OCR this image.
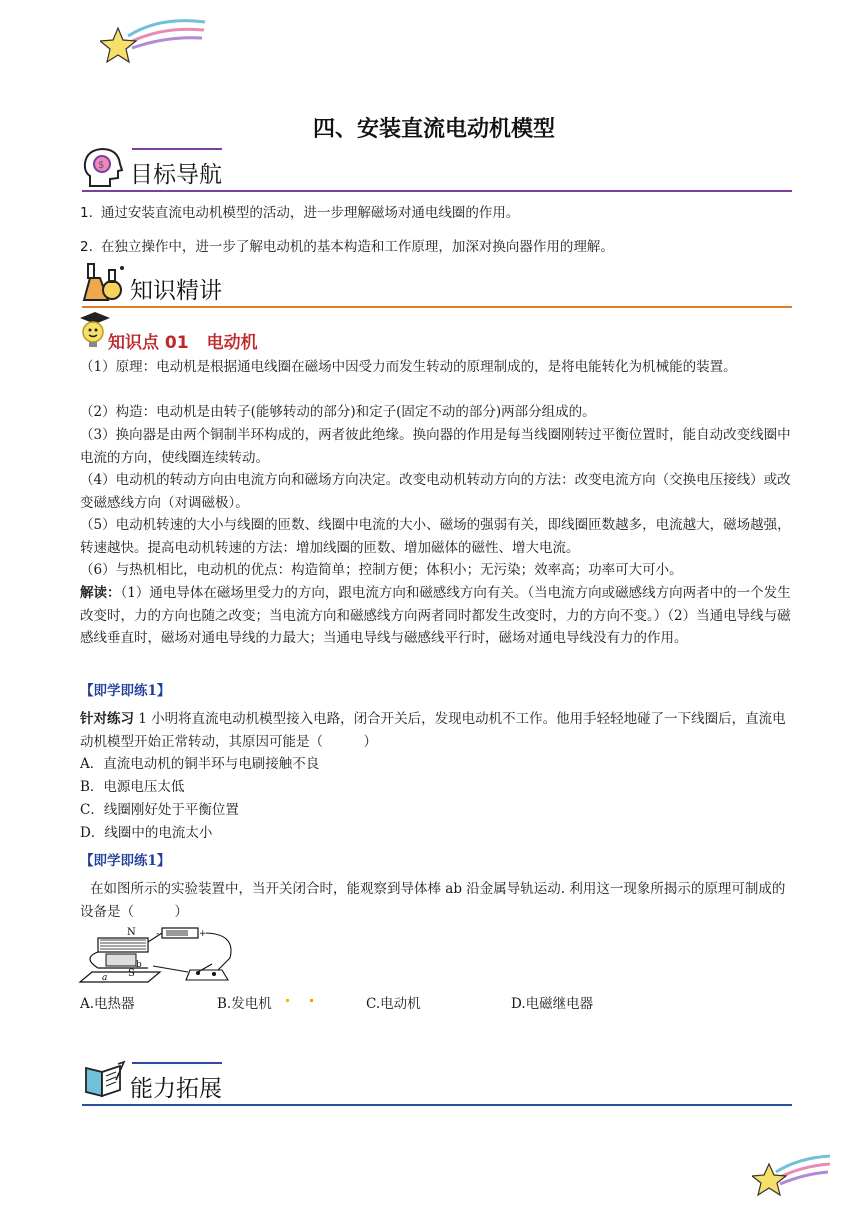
四、安装直流电动机模型
$ 目标导航
1. 通过安装直流电动机模型的活动，进一步理解磁场对通电线圈的作用。
2. 在独立操作中，进一步了解电动机的基本构造和工作原理，加深对换向器作用的理解。
知识精讲
知识点 01 电动机
（1）原理：电动机是根据通电线圈在磁场中因受力而发生转动的原理制成的，是将电能转化为机械能的装置。
（2）构造：电动机是由转子(能够转动的部分)和定子(固定不动的部分)两部分组成的。
（3）换向器是由两个铜制半环构成的，两者彼此绝缘。换向器的作用是每当线圈刚转过平衡位置时，能自动改变线圈中电流的方向，使线圈连续转动。
（4）电动机的转动方向由电流方向和磁场方向决定。改变电动机转动方向的方法：改变电流方向（交换电压接线）或改变磁感线方向（对调磁极）。
（5）电动机转速的大小与线圈的匝数、线圈中电流的大小、磁场的强弱有关，即线圈匝数越多，电流越大，磁场越强，转速越快。提高电动机转速的方法：增加线圈的匝数、增加磁体的磁性、增大电流。
（6）与热机相比，电动机的优点：构造简单；控制方便；体积小；无污染；效率高；功率可大可小。
解读：（1）通电导体在磁场里受力的方向，跟电流方向和磁感线方向有关。（当电流方向或磁感线方向两者中的一个发生改变时，力的方向也随之改变；当电流方向和磁感线方向两者同时都发生改变时，力的方向不变。）（2）当通电导线与磁感线垂直时，磁场对通电导线的力最大；当通电导线与磁感线平行时，磁场对通电导线没有力的作用。
【即学即练1】
针对练习 1 小明将直流电动机模型接入电路，闭合开关后，发现电动机不工作。他用手轻轻地碰了一下线圈后，直流电动机模型开始正常转动，其原因可能是（　　　）
A．直流电动机的铜半环与电刷接触不良
B．电源电压太低
C．线圈刚好处于平衡位置
D．线圈中的电流太小
【即学即练1】
在如图所示的实验装置中，当开关闭合时，能观察到导体棒 ab 沿金属导轨运动. 利用这一现象所揭示的原理可制成的设备是（　　　）
N
b
S
a
+
-
A.电热器	B.发电机	C.电动机	D.电磁继电器
能力拓展
